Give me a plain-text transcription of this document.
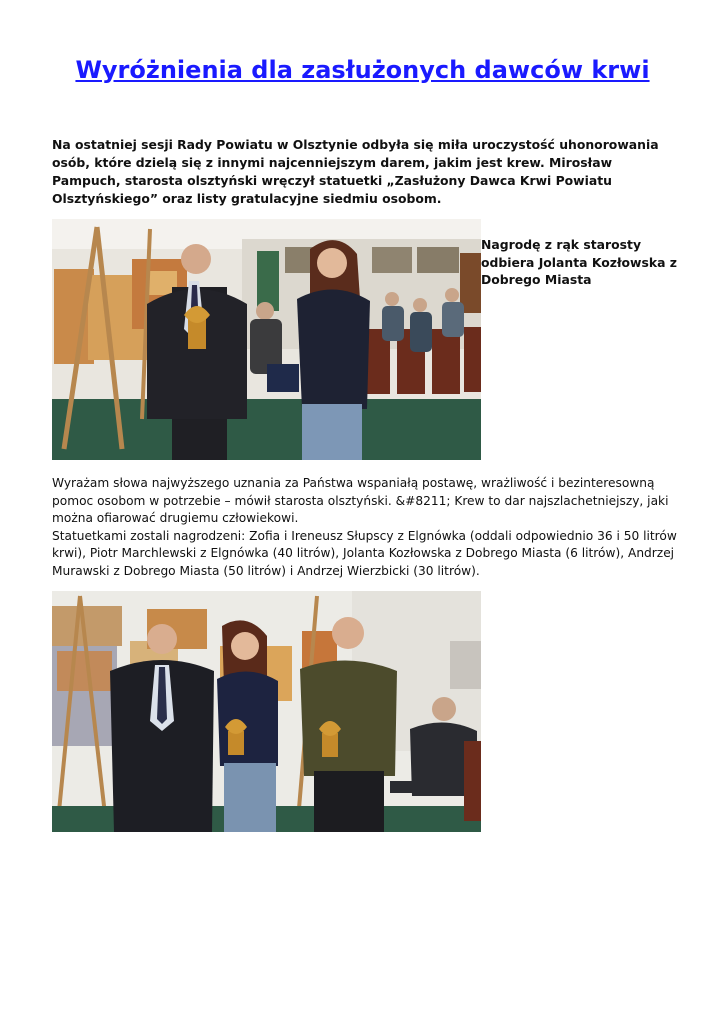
Wyróżnienia dla zasłużonych dawców krwi

Na ostatniej sesji Rady Powiatu w Olsztynie odbyła się miła uroczystość uhonorowania osób, które dzielą się z innymi najcenniejszym darem, jakim jest krew. Mirosław Pampuch, starosta olsztyński wręczył statuetki „Zasłużony Dawca Krwi Powiatu Olsztyńskiego” oraz listy gratulacyjne siedmiu osobom.

Nagrodę z rąk starosty odbiera Jolanta Kozłowska z Dobrego Miasta

Wyrażam słowa najwyższego uznania za Państwa wspaniałą postawę, wrażliwość i bezinteresowną pomoc osobom w potrzebie – mówił starosta olsztyński. &#8211; Krew to dar najszlachetniejszy, jaki można ofiarować drugiemu człowiekowi.

Statuetkami zostali nagrodzeni: Zofia i Ireneusz Słupscy z Elgnówka (oddali odpowiednio 36 i 50 litrów krwi), Piotr Marchlewski z Elgnówka (40 litrów), Jolanta Kozłowska z Dobrego Miasta (6 litrów), Andrzej Murawski z Dobrego Miasta (50 litrów) i Andrzej Wierzbicki (30 litrów).
